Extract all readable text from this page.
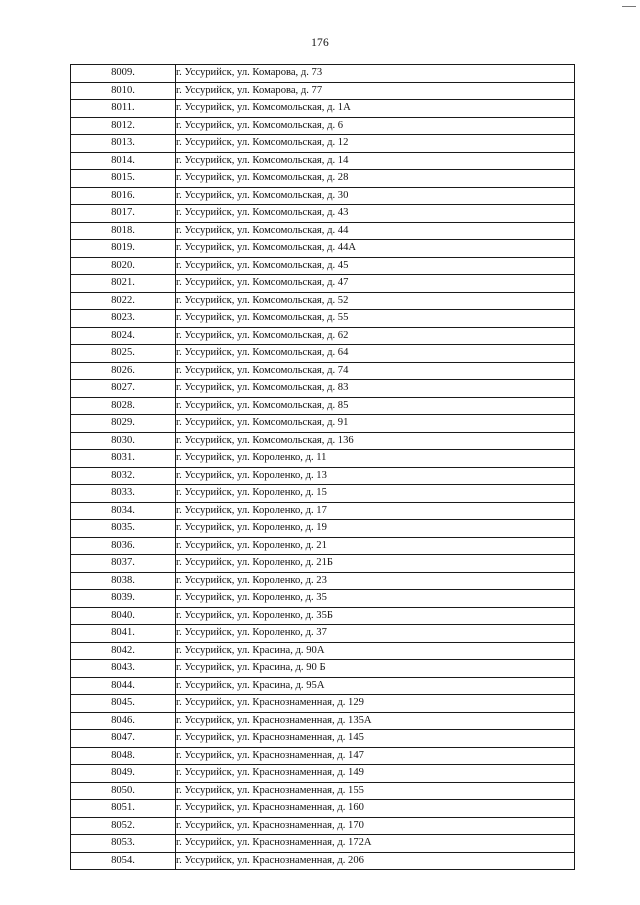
176
8009.	г. Уссурийск, ул. Комарова, д. 73
8010.	г. Уссурийск, ул. Комарова, д. 77
8011.	г. Уссурийск, ул. Комсомольская, д. 1А
8012.	г. Уссурийск, ул. Комсомольская, д. 6
8013.	г. Уссурийск, ул. Комсомольская, д. 12
8014.	г. Уссурийск, ул. Комсомольская, д. 14
8015.	г. Уссурийск, ул. Комсомольская, д. 28
8016.	г. Уссурийск, ул. Комсомольская, д. 30
8017.	г. Уссурийск, ул. Комсомольская, д. 43
8018.	г. Уссурийск, ул. Комсомольская, д. 44
8019.	г. Уссурийск, ул. Комсомольская, д. 44А
8020.	г. Уссурийск, ул. Комсомольская, д. 45
8021.	г. Уссурийск, ул. Комсомольская, д. 47
8022.	г. Уссурийск, ул. Комсомольская, д. 52
8023.	г. Уссурийск, ул. Комсомольская, д. 55
8024.	г. Уссурийск, ул. Комсомольская, д. 62
8025.	г. Уссурийск, ул. Комсомольская, д. 64
8026.	г. Уссурийск, ул. Комсомольская, д. 74
8027.	г. Уссурийск, ул. Комсомольская, д. 83
8028.	г. Уссурийск, ул. Комсомольская, д. 85
8029.	г. Уссурийск, ул. Комсомольская, д. 91
8030.	г. Уссурийск, ул. Комсомольская, д. 136
8031.	г. Уссурийск, ул. Короленко, д. 11
8032.	г. Уссурийск, ул. Короленко, д. 13
8033.	г. Уссурийск, ул. Короленко, д. 15
8034.	г. Уссурийск, ул. Короленко, д. 17
8035.	г. Уссурийск, ул. Короленко, д. 19
8036.	г. Уссурийск, ул. Короленко, д. 21
8037.	г. Уссурийск, ул. Короленко, д. 21Б
8038.	г. Уссурийск, ул. Короленко, д. 23
8039.	г. Уссурийск, ул. Короленко, д. 35
8040.	г. Уссурийск, ул. Короленко, д. 35Б
8041.	г. Уссурийск, ул. Короленко, д. 37
8042.	г. Уссурийск, ул. Красина, д. 90А
8043.	г. Уссурийск, ул. Красина, д. 90 Б
8044.	г. Уссурийск, ул. Красина, д. 95А
8045.	г. Уссурийск, ул. Краснознаменная, д. 129
8046.	г. Уссурийск, ул. Краснознаменная, д. 135А
8047.	г. Уссурийск, ул. Краснознаменная, д. 145
8048.	г. Уссурийск, ул. Краснознаменная, д. 147
8049.	г. Уссурийск, ул. Краснознаменная, д. 149
8050.	г. Уссурийск, ул. Краснознаменная, д. 155
8051.	г. Уссурийск, ул. Краснознаменная, д. 160
8052.	г. Уссурийск, ул. Краснознаменная, д. 170
8053.	г. Уссурийск, ул. Краснознаменная, д. 172А
8054.	г. Уссурийск, ул. Краснознаменная, д. 206
